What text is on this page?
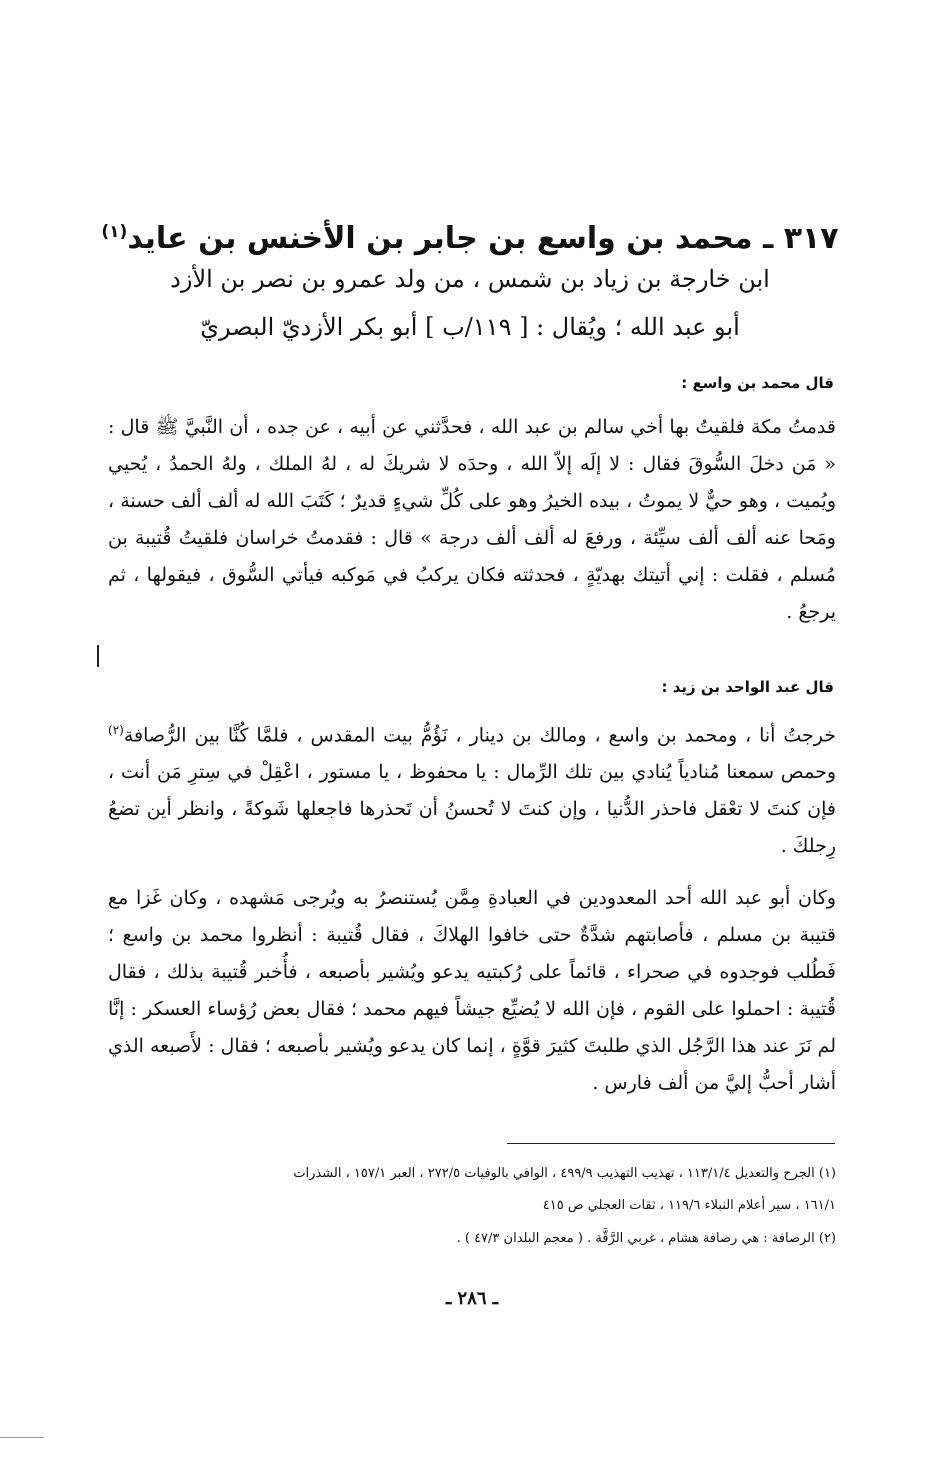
٣١٧ ـ محمد بن واسع بن جابر بن الأخنس بن عايد$^{(١)}$
ابن خارجة بن زياد بن شمس ، من ولد عمرو بن نصر بن الأزد
أبو عبد الله ؛ ويُقال : [ ١١٩/ب ] أبو بكر الأزديّ البصريّ
قال محمد بن واسع :

قدمتُ مكة فلقيتُ بها أخي سالم بن عبد الله ، فحدَّثني عن أبيه ، عن جده ، أن النَّبيَّ ﷺ قال : « مَن دخلَ السُّوقَ فقال : لا إلَه إلاّ الله ، وحدَه لا شريكَ له ، لهُ الملك ، ولهُ الحمدُ ، يُحيي ويُميت ، وهو حيٌّ لا يموتُ ، بيده الخيرُ وهو على كُلِّ شيءٍ قديرٌ ؛ كَتَبَ الله له ألف ألف حسنة ، ومَحا عنه ألف ألف سيِّئة ، ورفعَ له ألف ألف درجة » قال : فقدمتُ خراسان فلقيتُ قُتيبة بن مُسلم ، فقلت : إني أتيتك بهديّةٍ ، فحدثته فكان يركبُ في مَوكبه فيأتي السُّوق ، فيقولها ، ثم يرجعُ .

قال عبد الواحد بن زيد :

خرجتُ أنا ، ومحمد بن واسع ، ومالك بن دينار ، نَؤُمُّ بيت المقدس ، فلمَّا كُنَّا بين الرُّصافة$^{(٢)}$ وحمص سمعنا مُنادياً يُنادي بين تلك الرِّمال : يا محفوظ ، يا مستور ، اعْقِلْ في سِترِ مَن أنت ، فإن كنتَ لا تعْقل فاحذر الدُّنيا ، وإن كنتَ لا تُحسنُ أن تَحذرها فاجعلها شَوكةً ، وانظر أين تضعُ رِجلكَ .

وكان أبو عبد الله أحد المعدودين في العبادةِ مِمَّن يُستنصرُ به ويُرجى مَشهده ، وكان غَزا مع قتيبة بن مسلم ، فأصابتهم شدَّةٌ حتى خافوا الهلاكَ ، فقال قُتيبة : أنظروا محمد بن واسع ؛ فَطُلب فوجدوه في صحراء ، قائماً على رُكبتيه يدعو ويُشير بأصبعه ، فأُخبر قُتيبة بذلك ، فقال قُتيبة : احملوا على القوم ، فإن الله لا يُضيِّع جيشاً فيهم محمد ؛ فقال بعض رُؤساء العسكر : إنَّا لم نَرَ عند هذا الرَّجُل الذي طلبتَ كثيرَ قوَّةٍ ، إنما كان يدعو ويُشير بأصبعه ؛ فقال : لأَصبعه الذي أشار أحبُّ إليَّ من ألف فارس .

(١) الجرح والتعديل ١١٣/١/٤ ، تهذيب التهذيب ٤٩٩/٩ ، الوافي بالوفيات ٢٧٢/٥ ، العبر ١٥٧/١ ، الشذرات

١٦١/١ ، سير أعلام النبلاء ١١٩/٦ ، ثقات العجلي ص ٤١٥

(٢) الرصافة : هي رصافة هشام ، غربي الرَّقَّة . ( معجم البلدان ٤٧/٣ ) .

ـ ٢٨٦ ـ
